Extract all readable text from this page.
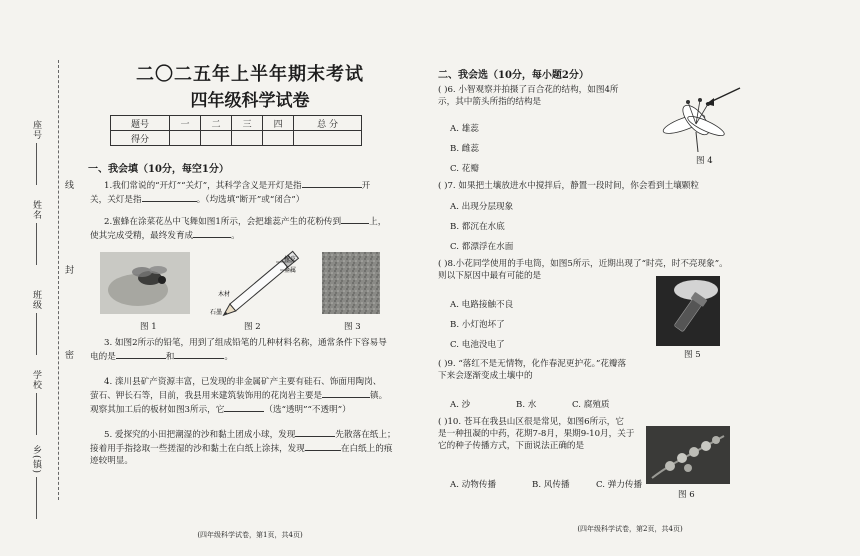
座号
姓名
班级
学校
乡(镇)
线
封
密
二〇二五年上半年期末考试
四年级科学试卷
题号	一	二	三	四	总 分
得分					
一、我会填（10分，每空1分）
1.我们常说的“开灯”“关灯”，其科学含义是开灯是指	开
关，关灯是指	。（均选填“断开”或“闭合”）
2.蜜蜂在涂菜花丛中飞舞如图1所示，会把雄蕊产生的花粉传到	上，
使其完成受精，最终发育成	。
图 1
橡皮
金属
木材
石墨
图 2	图 3
3. 如图2所示的铅笔，用到了组成铅笔的几种材料名称，通常条件下容易导
电的是	和	。
4. 滦川县矿产资源丰富，已发现的非金属矿产主要有硅石、饰面用陶岗、
萤石、钾长石等，目前，我县用来建筑装饰用的花岗岩主要是	镇。
观察其加工后的板材如图3所示，它	（选“透明”“不透明”）
5. 爱探究的小田把潮湿的沙和黏土团成小球，发现	先散落在纸上；
接着用手指捻取一些搓湿的沙和黏土在白纸上涂抹，发现	在白纸上的痕
迹较明显。
(四年级科学试卷，第1页，共4页)
二、我会选（10分，每小题2分）
( )6. 小智观察并拍摄了百合花的结构，如图4所
示，其中箭头所指的结构是
A. 雄蕊
B. 雌蕊
C. 花瓣
图 4
( )7. 如果把土壤放进水中搅拌后，静置一段时间，你会看到土壤颗粒
A. 出现分层现象
B. 都沉在水底
C. 都漂浮在水面
( )8.小花同学使用的手电筒，如图5所示，近期出现了“时亮，时不亮现象”。
则以下原因中最有可能的是
A. 电路接触不良
B. 小灯泡坏了
C. 电池没电了
图 5
( )9. “落红不是无情物，化作春泥更护花。”花瓣落
下来会逐渐变成土壤中的
A. 沙	B. 水	C. 腐殖质
( )10. 苍耳在我县山区很是常见，如图6所示，它
是一种扭凝的中药，花期7-8月，果期9-10月，关于
它的种子传播方式，下面说法正确的是
A. 动物传播	B. 风传播	C. 弹力传播
图 6
(四年级科学试卷，第2页，共4页)
